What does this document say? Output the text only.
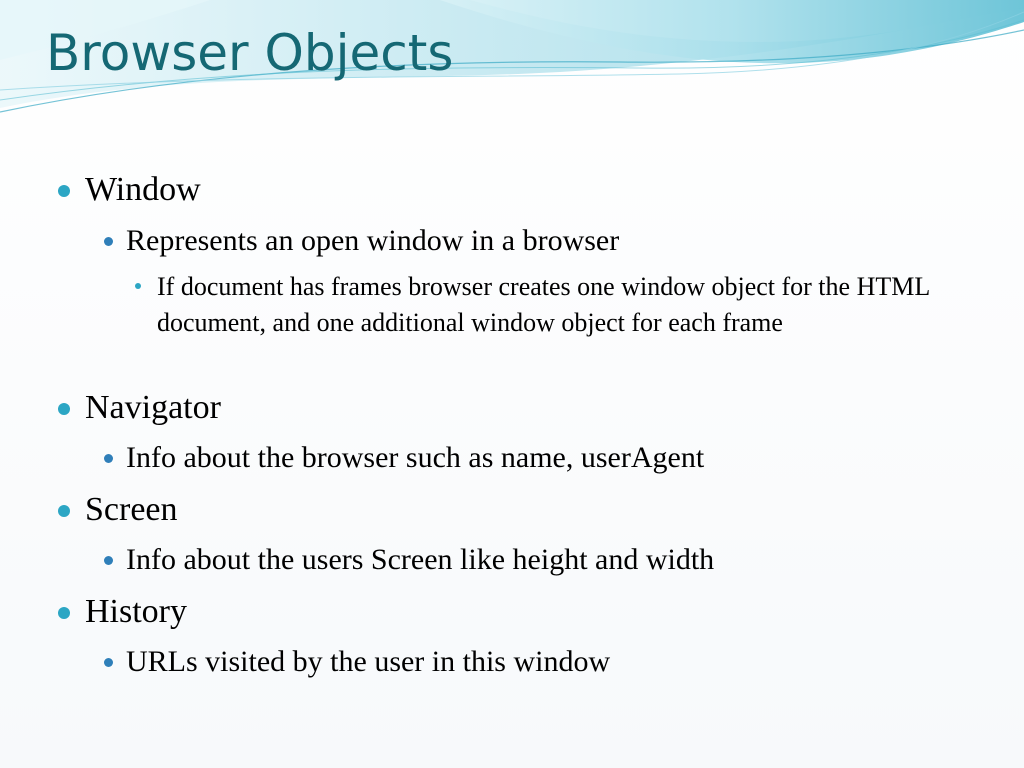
Browser Objects
Window
Represents an open window in a browser
If document has frames browser creates one window object for the HTML document, and one additional window object for each frame
Navigator
Info about the browser such as name, userAgent
Screen
Info about the users Screen like height and width
History
URLs visited by the user in this window
